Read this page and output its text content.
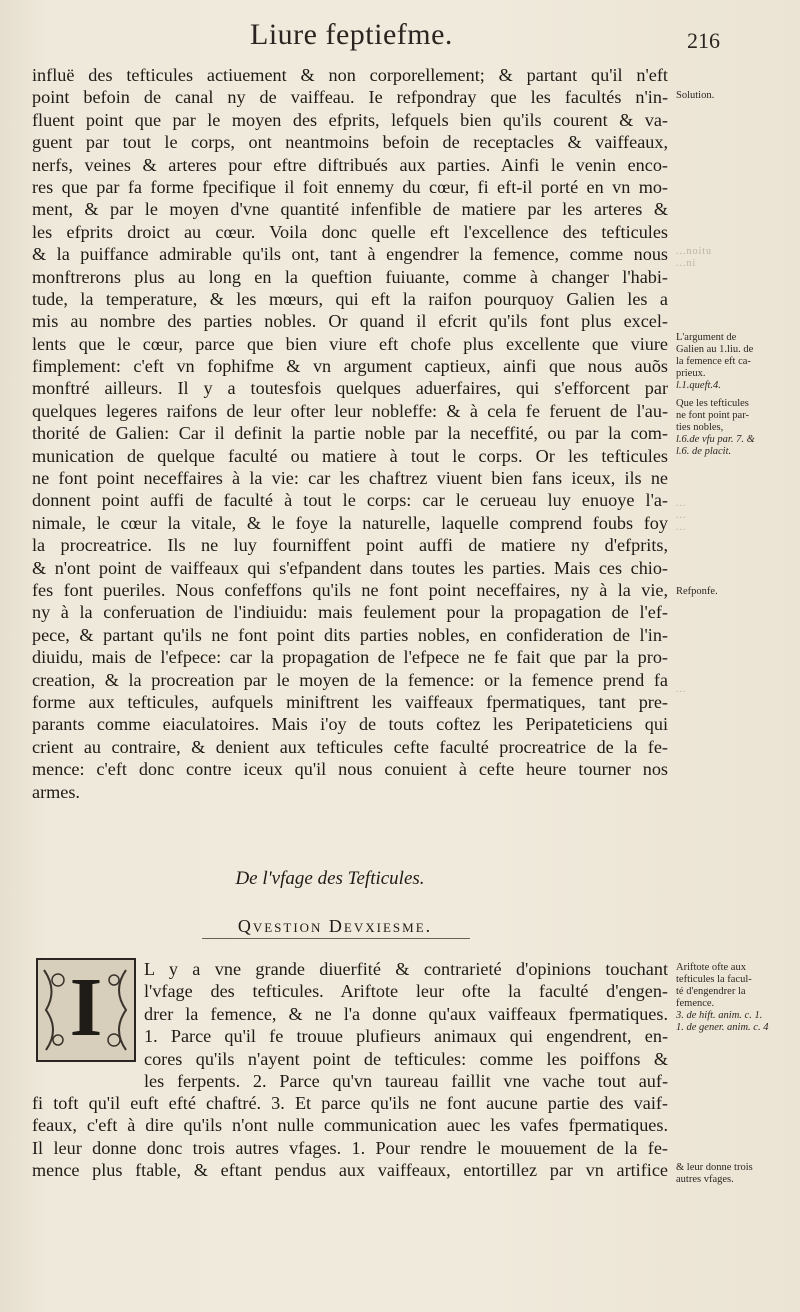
Liure feptiefme.	216
influë des tefticules actiuement & non corporellement; & partant qu'il n'eft
point befoin de canal ny de vaiffeau. Ie refpondray que les facultés n'in-
fluent point que par le moyen des efprits, lefquels bien qu'ils courent & va-
guent par tout le corps, ont neantmoins befoin de receptacles & vaiffeaux,
nerfs, veines & arteres pour eftre diftribués aux parties. Ainfi le venin enco-
res que par fa forme fpecifique il foit ennemy du cœur, fi eft-il porté en vn mo-
ment, & par le moyen d'vne quantité infenfible de matiere par les arteres &
les efprits droict au cœur. Voila donc quelle eft l'excellence des tefticules
& la puiffance admirable qu'ils ont, tant à engendrer la femence, comme nous
monftrerons plus au long en la queftion fuiuante, comme à changer l'habi-
tude, la temperature, & les mœurs, qui eft la raifon pourquoy Galien les a
mis au nombre des parties nobles. Or quand il efcrit qu'ils font plus excel-
lents que le cœur, parce que bien viure eft chofe plus excellente que viure
fimplement: c'eft vn fophifme & vn argument captieux, ainfi que nous auõs
monftré ailleurs. Il y a toutesfois quelques aduerfaires, qui s'efforcent par
quelques legeres raifons de leur ofter leur nobleffe: & à cela fe feruent de l'au-
thorité de Galien: Car il definit la partie noble par la neceffité, ou par la com-
munication de quelque faculté ou matiere à tout le corps. Or les tefticules
ne font point neceffaires à la vie: car les chaftrez viuent bien fans iceux, ils ne
donnent point auffi de faculté à tout le corps: car le cerueau luy enuoye l'a-
nimale, le cœur la vitale, & le foye la naturelle, laquelle comprend foubs foy
la procreatrice. Ils ne luy fourniffent point auffi de matiere ny d'efprits,
& n'ont point de vaiffeaux qui s'efpandent dans toutes les parties. Mais ces chio-
fes font pueriles. Nous confeffons qu'ils ne font point neceffaires, ny à la vie,
ny à la conferuation de l'indiuidu: mais feulement pour la propagation de l'ef-
pece, & partant qu'ils ne font point dits parties nobles, en confideration de l'in-
diuidu, mais de l'efpece: car la propagation de l'efpece ne fe fait que par la pro-
creation, & la procreation par le moyen de la femence: or la femence prend fa
forme aux tefticules, aufquels miniftrent les vaiffeaux fpermatiques, tant pre-
parants comme eiaculatoires. Mais i'oy de touts coftez les Peripateticiens qui
crient au contraire, & denient aux tefticules cefte faculté procreatrice de la fe-
mence: c'eft donc contre iceux qu'il nous conuient à cefte heure tourner nos
armes.
De l'vfage des Tefticules.
Qvestion Devxiesme.
I	L y a vne grande diuerfité & contrarieté d'opinions touchant
l'vfage des tefticules. Ariftote leur ofte la faculté d'engen-
drer la femence, & ne l'a donne qu'aux vaiffeaux fpermatiques.
1. Parce qu'il fe trouue plufieurs animaux qui engendrent, en-
cores qu'ils n'ayent point de tefticules: comme les poiffons &
les ferpents. 2. Parce qu'vn taureau faillit vne vache tout auf-
fi toft qu'il euft efté chaftré. 3. Et parce qu'ils ne font aucune partie des vaif-
feaux, c'eft à dire qu'ils n'ont nulle communication auec les vafes fpermatiques.
Il leur donne donc trois autres vfages. 1. Pour rendre le mouuement de la fe-
mence plus ftable, & eftant pendus aux vaiffeaux, entortillez par vn artifice
Solution.
...noitu
...ni
L'argument de
Galien au 1.liu. de
la femence eft ca-
prieux.
l.1.queft.4.
Que les tefticules
ne font point par-
ties nobles,
l.6.de vfu par. 7. &
l.6. de placit.
...
...
...
Refponfe.
...
Ariftote ofte aux
tefticules la facul-
té d'engendrer la
femence.
3. de hift. anim. c. 1.
1. de gener. anim. c. 4
& leur donne trois
autres vfages.
